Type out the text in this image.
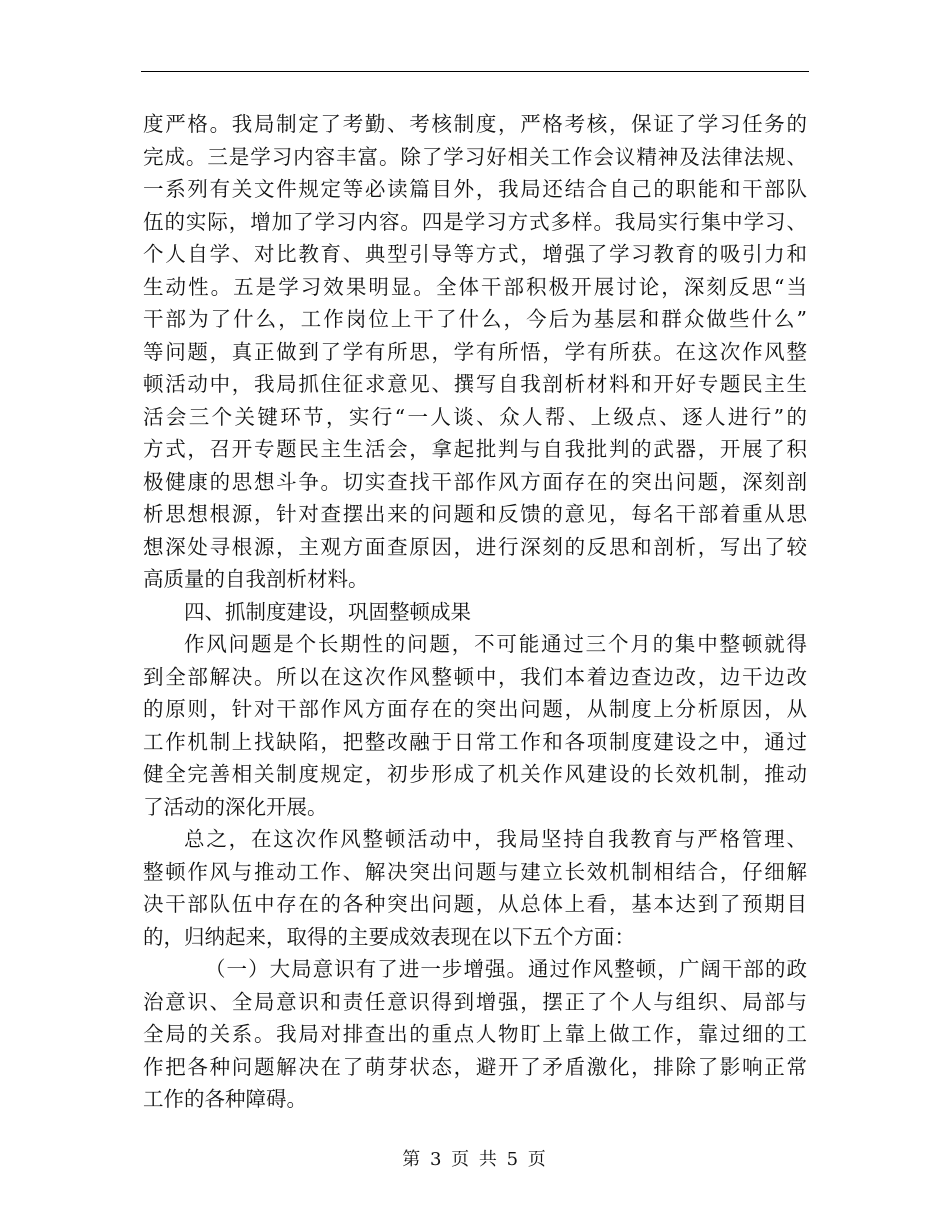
度严格。我局制定了考勤、考核制度，严格考核，保证了学习任务的
完成。三是学习内容丰富。除了学习好相关工作会议精神及法律法规、
一系列有关文件规定等必读篇目外，我局还结合自己的职能和干部队
伍的实际，增加了学习内容。四是学习方式多样。我局实行集中学习、
个人自学、对比教育、典型引导等方式，增强了学习教育的吸引力和
生动性。五是学习效果明显。全体干部积极开展讨论，深刻反思“当
干部为了什么，工作岗位上干了什么，今后为基层和群众做些什么”
等问题，真正做到了学有所思，学有所悟，学有所获。在这次作风整
顿活动中，我局抓住征求意见、撰写自我剖析材料和开好专题民主生
活会三个关键环节，实行“一人谈、众人帮、上级点、逐人进行”的
方式，召开专题民主生活会，拿起批判与自我批判的武器，开展了积
极健康的思想斗争。切实查找干部作风方面存在的突出问题，深刻剖
析思想根源，针对查摆出来的问题和反馈的意见，每名干部着重从思
想深处寻根源，主观方面查原因，进行深刻的反思和剖析，写出了较
高质量的自我剖析材料。
四、抓制度建设，巩固整顿成果
作风问题是个长期性的问题，不可能通过三个月的集中整顿就得
到全部解决。所以在这次作风整顿中，我们本着边查边改，边干边改
的原则，针对干部作风方面存在的突出问题，从制度上分析原因，从
工作机制上找缺陷，把整改融于日常工作和各项制度建设之中，通过
健全完善相关制度规定，初步形成了机关作风建设的长效机制，推动
了活动的深化开展。
总之，在这次作风整顿活动中，我局坚持自我教育与严格管理、
整顿作风与推动工作、解决突出问题与建立长效机制相结合，仔细解
决干部队伍中存在的各种突出问题，从总体上看，基本达到了预期目
的，归纳起来，取得的主要成效表现在以下五个方面：
（一）大局意识有了进一步增强。通过作风整顿，广阔干部的政
治意识、全局意识和责任意识得到增强，摆正了个人与组织、局部与
全局的关系。我局对排查出的重点人物盯上靠上做工作，靠过细的工
作把各种问题解决在了萌芽状态，避开了矛盾激化，排除了影响正常
工作的各种障碍。
第 3 页 共 5 页
